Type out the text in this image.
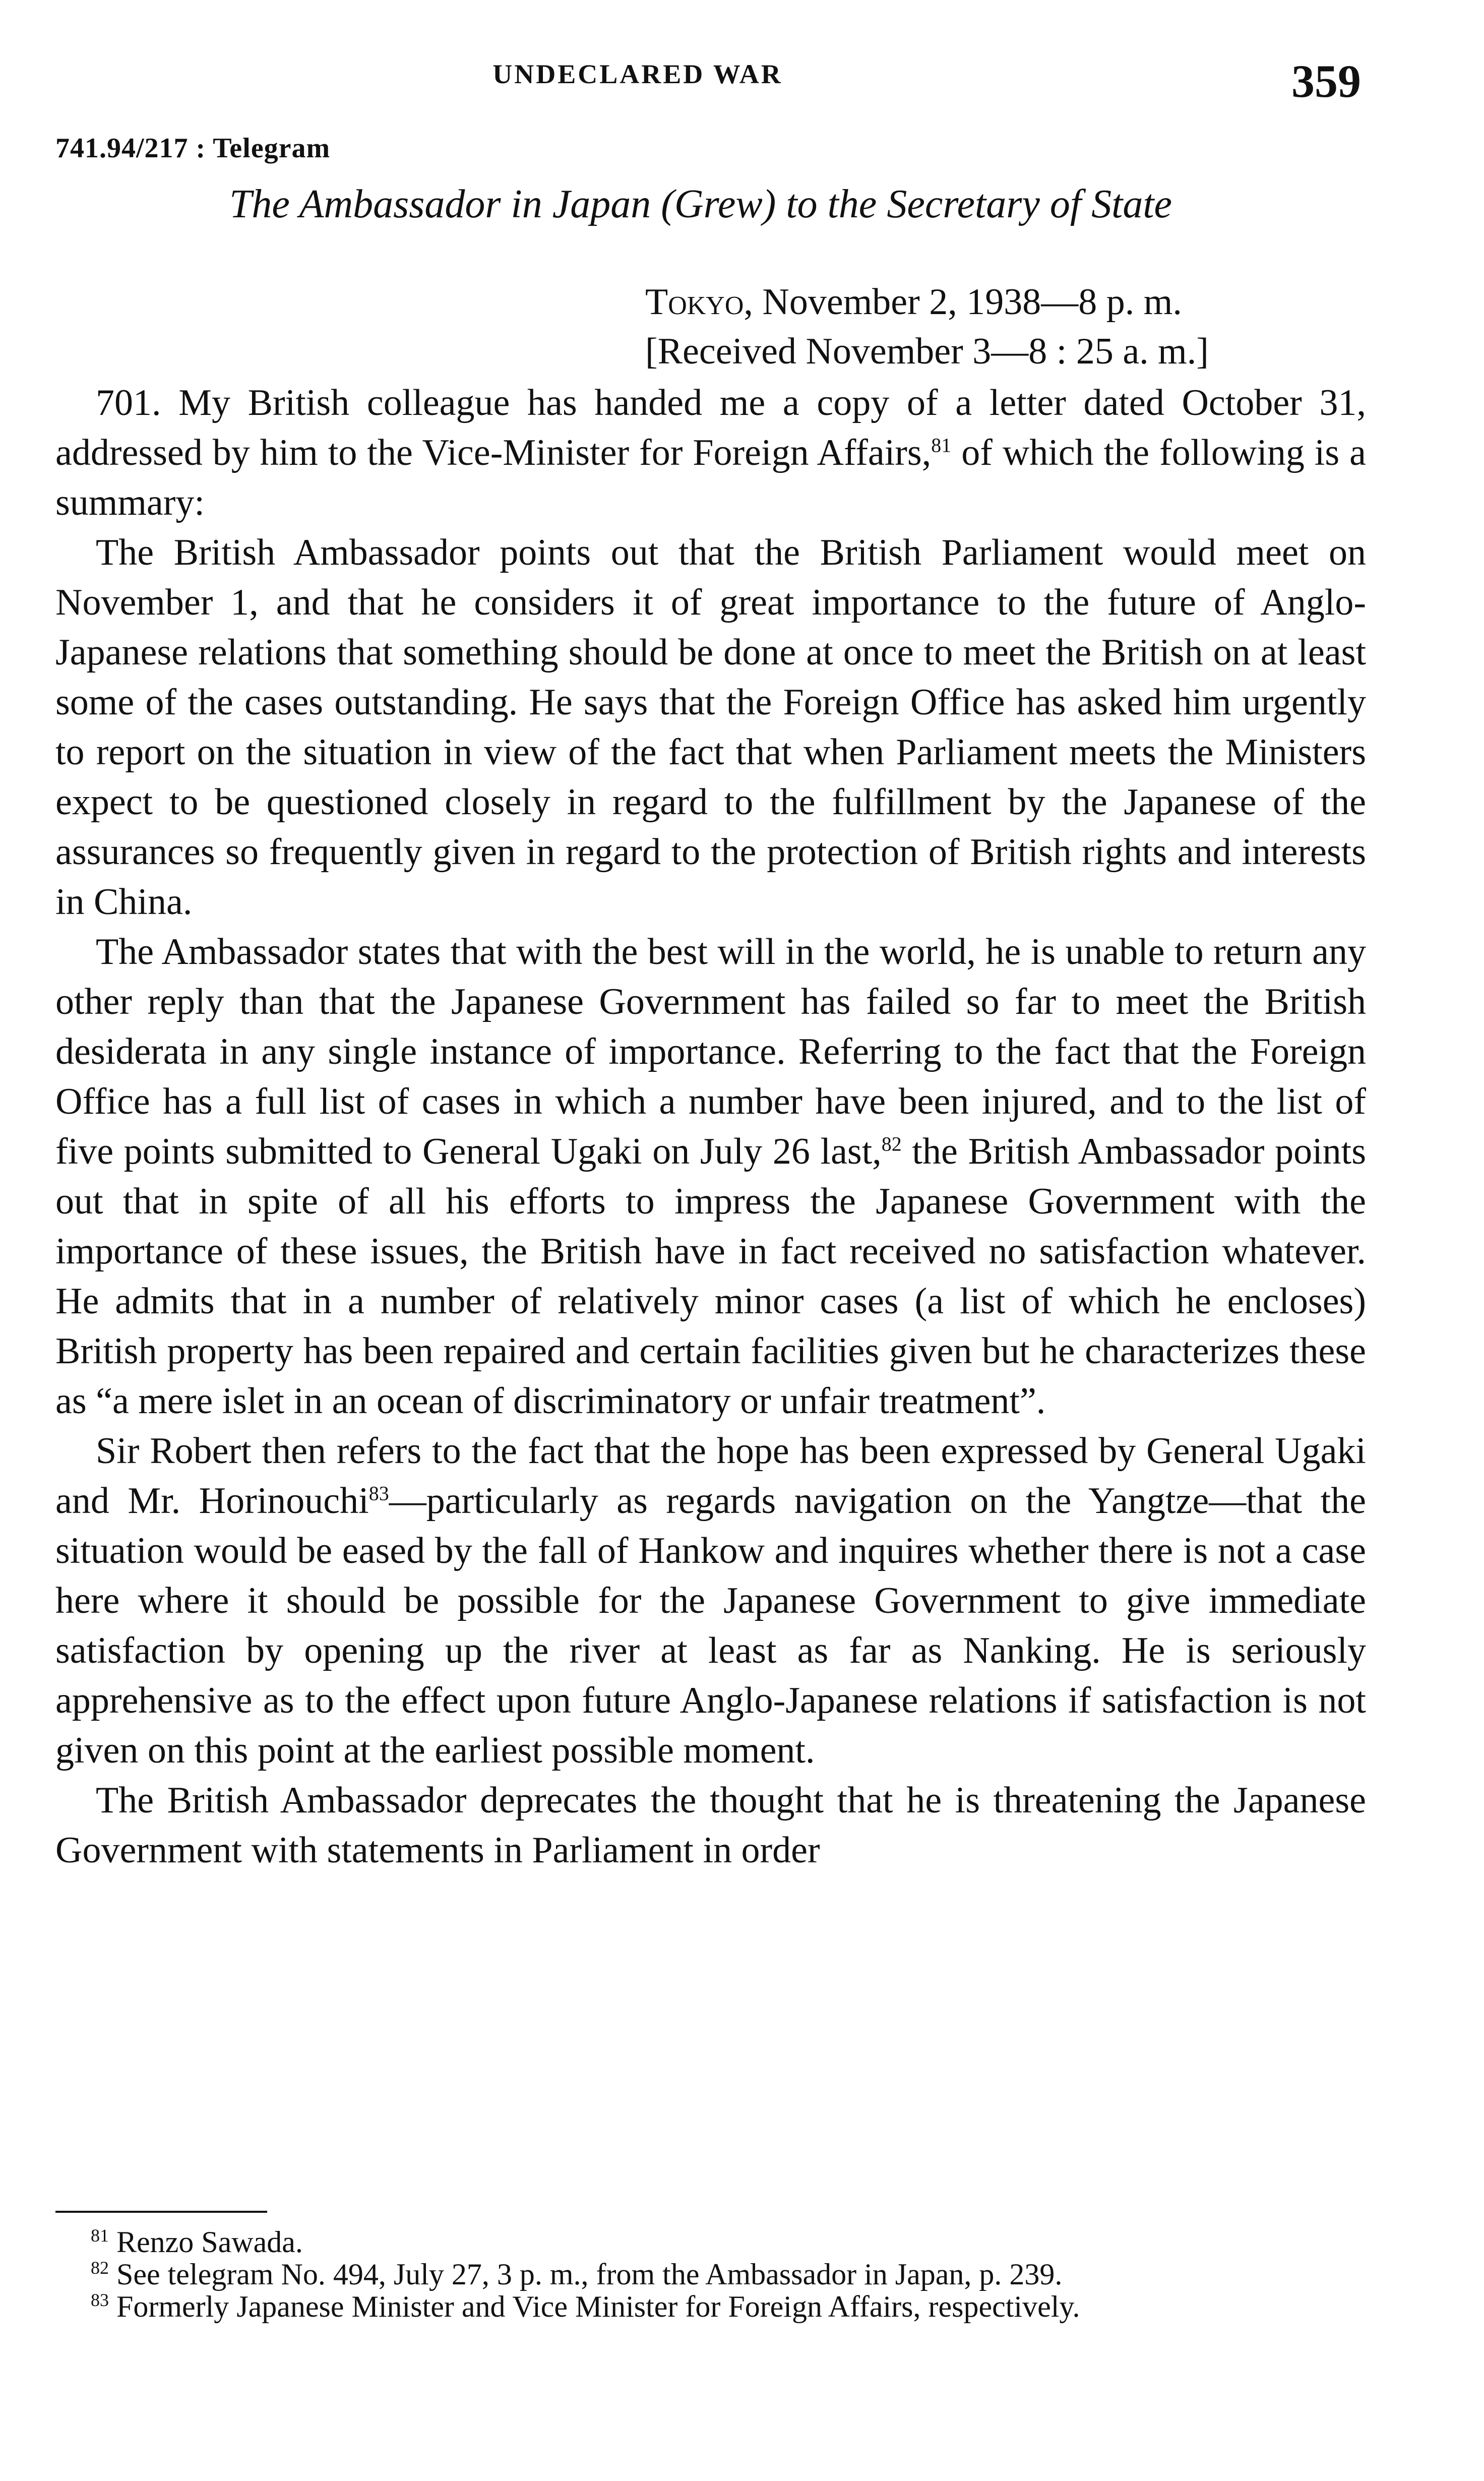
UNDECLARED WAR	359
741.94/217 : Telegram
The Ambassador in Japan (Grew) to the Secretary of State
Tokyo, November 2, 1938—8 p. m.
[Received November 3—8 : 25 a. m.]

701. My British colleague has handed me a copy of a letter dated October 31, addressed by him to the Vice-Minister for Foreign Affairs,$^{81}$ of which the following is a summary:

The British Ambassador points out that the British Parliament would meet on November 1, and that he considers it of great importance to the future of Anglo-Japanese relations that something should be done at once to meet the British on at least some of the cases outstanding. He says that the Foreign Office has asked him urgently to report on the situation in view of the fact that when Parliament meets the Ministers expect to be questioned closely in regard to the fulfillment by the Japanese of the assurances so frequently given in regard to the protection of British rights and interests in China.

The Ambassador states that with the best will in the world, he is unable to return any other reply than that the Japanese Government has failed so far to meet the British desiderata in any single instance of importance. Referring to the fact that the Foreign Office has a full list of cases in which a number have been injured, and to the list of five points submitted to General Ugaki on July 26 last,$^{82}$ the British Ambassador points out that in spite of all his efforts to impress the Japanese Government with the importance of these issues, the British have in fact received no satisfaction whatever. He admits that in a number of relatively minor cases (a list of which he encloses) British property has been repaired and certain facilities given but he characterizes these as “a mere islet in an ocean of discriminatory or unfair treatment”.

Sir Robert then refers to the fact that the hope has been expressed by General Ugaki and Mr. Horinouchi$^{83}$—particularly as regards navigation on the Yangtze—that the situation would be eased by the fall of Hankow and inquires whether there is not a case here where it should be possible for the Japanese Government to give immediate satisfaction by opening up the river at least as far as Nanking. He is seriously apprehensive as to the effect upon future Anglo-Japanese relations if satisfaction is not given on this point at the earliest possible moment.

The British Ambassador deprecates the thought that he is threatening the Japanese Government with statements in Parliament in order

$^{81}$ Renzo Sawada.

$^{82}$ See telegram No. 494, July 27, 3 p. m., from the Ambassador in Japan, p. 239.

$^{83}$ Formerly Japanese Minister and Vice Minister for Foreign Affairs, respectively.
